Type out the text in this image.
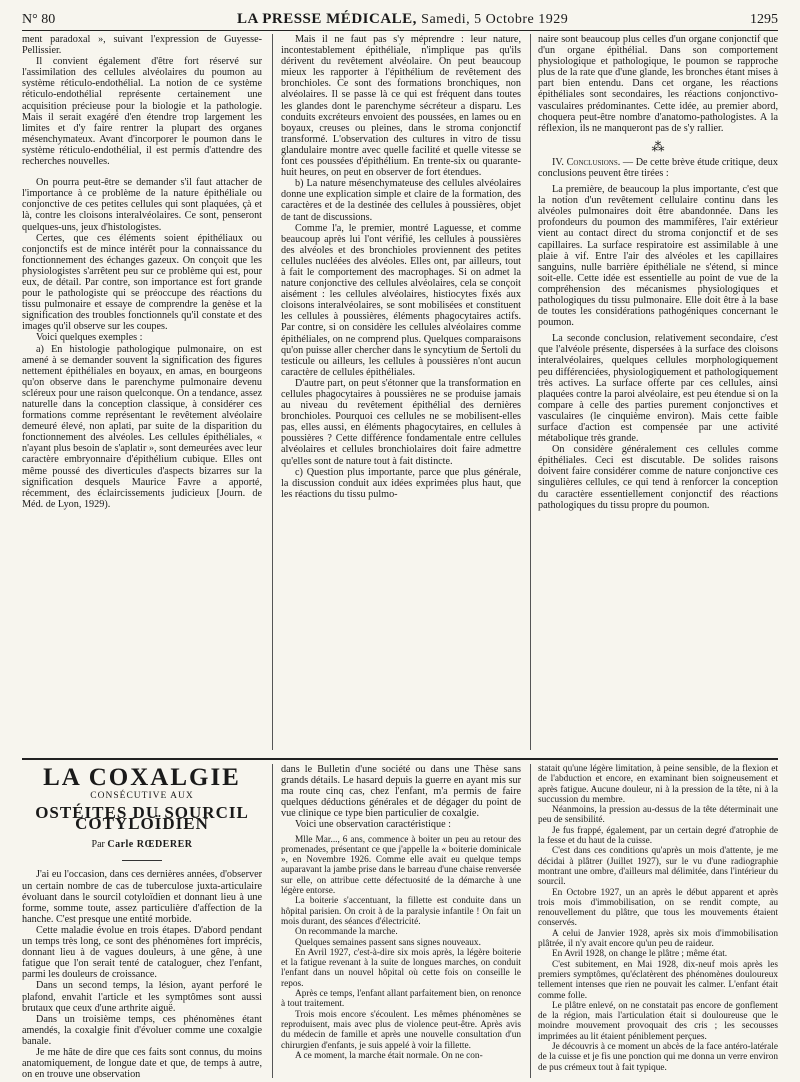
N° 80	LA PRESSE MÉDICALE, Samedi, 5 Octobre 1929	1295

ment paradoxal », suivant l'expression de Guyesse-Pellissier.

Il convient également d'être fort réservé sur l'assimilation des cellules alvéolaires du poumon au système réticulo-endothélial. La notion de ce système réticulo-endothélial représente certainement une acquisition précieuse pour la biologie et la pathologie. Mais il serait exagéré d'en étendre trop largement les limites et d'y faire rentrer la plupart des organes mésenchymateux. Avant d'incorporer le poumon dans le système réticulo-endothélial, il est permis d'attendre des recherches nouvelles.

On pourra peut-être se demander s'il faut attacher de l'importance à ce problème de la nature épithéliale ou conjonctive de ces petites cellules qui sont plaquées, çà et là, contre les cloisons interalvéolaires. Ce sont, penseront quelques-uns, jeux d'histologistes.

Certes, que ces éléments soient épithéliaux ou conjonctifs est de mince intérêt pour la connaissance du fonctionnement des échanges gazeux. On conçoit que les physiologistes s'arrêtent peu sur ce problème qui est, pour eux, de détail. Par contre, son importance est fort grande pour le pathologiste qui se préoccupe des réactions du tissu pulmonaire et essaye de comprendre la genèse et la signification des troubles fonctionnels qu'il constate et des images qu'il observe sur les coupes.

Voici quelques exemples :

a) En histologie pathologique pulmonaire, on est amené à se demander souvent la signification des figures nettement épithéliales en boyaux, en amas, en bourgeons qu'on observe dans le parenchyme pulmonaire devenu scléreux pour une raison quelconque. On a tendance, assez naturelle dans la conception classique, à considérer ces formations comme représentant le revêtement alvéolaire demeuré élevé, non aplati, par suite de la disparition du fonctionnement des alvéoles. Les cellules épithéliales, « n'ayant plus besoin de s'aplatir », sont demeurées avec leur caractère embryonnaire d'épithélium cubique. Elles ont même poussé des diverticules d'aspects bizarres sur la signification desquels Maurice Favre a apporté, récemment, des éclaircissements judicieux [Journ. de Méd. de Lyon, 1929).

Mais il ne faut pas s'y méprendre : leur nature, incontestablement épithéliale, n'implique pas qu'ils dérivent du revêtement alvéolaire. On peut beaucoup mieux les rapporter à l'épithélium de revêtement des bronchioles. Ce sont des formations bronchiques, non alvéolaires. Il se passe là ce qui est fréquent dans toutes les glandes dont le parenchyme sécréteur a disparu. Les conduits excréteurs envoient des poussées, en lames ou en boyaux, creuses ou pleines, dans le stroma conjonctif transformé. L'observation des cultures in vitro de tissu glandulaire montre avec quelle facilité et quelle vitesse se font ces poussées d'épithélium. En trente-six ou quarante-huit heures, on peut en observer de fort étendues.

b) La nature mésenchymateuse des cellules alvéolaires donne une explication simple et claire de la formation, des caractères et de la destinée des cellules à poussières, objet de tant de discussions.

Comme l'a, le premier, montré Laguesse, et comme beaucoup après lui l'ont vérifié, les cellules à poussières des alvéoles et des bronchioles proviennent des petites cellules nucléées des alvéoles. Elles ont, par ailleurs, tout à fait le comportement des macrophages. Si on admet la nature conjonctive des cellules alvéolaires, cela se conçoit aisément : les cellules alvéolaires, histiocytes fixés aux cloisons interalvéolaires, se sont mobilisées et constituent les cellules à poussières, éléments phagocytaires actifs. Par contre, si on considère les cellules alvéolaires comme épithéliales, on ne comprend plus. Quelques comparaisons qu'on puisse aller chercher dans le syncytium de Sertoli du testicule ou ailleurs, les cellules à poussières n'ont aucun caractère de cellules épithéliales.

D'autre part, on peut s'étonner que la transformation en cellules phagocytaires à poussières ne se produise jamais au niveau du revêtement épithélial des dernières bronchioles. Pourquoi ces cellules ne se mobilisent-elles pas, elles aussi, en éléments phagocytaires, en cellules à poussières ? Cette différence fondamentale entre cellules alvéolaires et cellules bronchiolaires doit faire admettre qu'elles sont de nature tout à fait distincte.

c) Question plus importante, parce que plus générale, la discussion conduit aux idées exprimées plus haut, que les réactions du tissu pulmo-

naire sont beaucoup plus celles d'un organe conjonctif que d'un organe épithélial. Dans son comportement physiologique et pathologique, le poumon se rapproche plus de la rate que d'une glande, les bronches étant mises à part bien entendu. Dans cet organe, les réactions épithéliales sont secondaires, les réactions conjonctivo-vasculaires prédominantes. Cette idée, au premier abord, choquera peut-être nombre d'anatomo-pathologistes. A la réflexion, ils ne manqueront pas de s'y rallier.

⁂

IV. Conclusions. — De cette brève étude critique, deux conclusions peuvent être tirées :

La première, de beaucoup la plus importante, c'est que la notion d'un revêtement cellulaire continu dans les alvéoles pulmonaires doit être abandonnée. Dans les profondeurs du poumon des mammifères, l'air extérieur vient au contact direct du stroma conjonctif et de ses capillaires. La surface respiratoire est assimilable à une plaie à vif. Entre l'air des alvéoles et les capillaires sanguins, nulle barrière épithéliale ne s'étend, si mince soit-elle. Cette idée est essentielle au point de vue de la compréhension des mécanismes physiologiques et pathologiques du tissu pulmonaire. Elle doit être à la base de toutes les considérations pathogéniques concernant le poumon.

La seconde conclusion, relativement secondaire, c'est que l'alvéole présente, dispersées à la surface des cloisons interalvéolaires, quelques cellules morphologiquement peu différenciées, physiologiquement et pathologiquement très actives. La surface offerte par ces cellules, ainsi plaquées contre la paroi alvéolaire, est peu étendue si on la compare à celle des parties purement conjonctives et vasculaires (le cinquième environ). Mais cette faible surface d'action est compensée par une activité métabolique très grande.

On considère généralement ces cellules comme épithéliales. Ceci est discutable. De solides raisons doivent faire considérer comme de nature conjonctive ces singulières cellules, ce qui tend à renforcer la conception du caractère essentiellement conjonctif des réactions pathologiques du tissu propre du poumon.

LA COXALGIE
CONSÉCUTIVE AUX
OSTÉITES DU SOURCIL COTYLOÏDIEN
Par Carle RŒDERER

J'ai eu l'occasion, dans ces dernières années, d'observer un certain nombre de cas de tuberculose juxta-articulaire évoluant dans le sourcil cotyloïdien et donnant lieu à une forme, somme toute, assez particulière d'affection de la hanche. C'est presque une entité morbide.

Cette maladie évolue en trois étapes. D'abord pendant un temps très long, ce sont des phénomènes fort imprécis, donnant lieu à de vagues douleurs, à une gêne, à une fatigue que l'on serait tenté de cataloguer, chez l'enfant, parmi les douleurs de croissance.

Dans un second temps, la lésion, ayant perforé le plafond, envahit l'article et les symptômes sont aussi brutaux que ceux d'une arthrite aiguë.

Dans un troisième temps, ces phénomènes étant amendés, la coxalgie finit d'évoluer comme une coxalgie banale.

Je me hâte de dire que ces faits sont connus, du moins anatomiquement, de longue date et que, de temps à autre, on en trouve une observation

dans le Bulletin d'une société ou dans une Thèse sans grands détails. Le hasard depuis la guerre en ayant mis sur ma route cinq cas, chez l'enfant, m'a permis de faire quelques déductions générales et de dégager du point de vue clinique ce type bien particulier de coxalgie.

Voici une observation caractéristique :

Mlle Mar..., 6 ans, commence à boiter un peu au retour des promenades, présentant ce que j'appelle la « boiterie dominicale », en Novembre 1926. Comme elle avait eu quelque temps auparavant la jambe prise dans le barreau d'une chaise renversée sur elle, on attribue cette défectuosité de la démarche à une légère entorse.

La boiterie s'accentuant, la fillette est conduite dans un hôpital parisien. On croit à de la paralysie infantile ! On fait un mois durant, des séances d'électricité.

On recommande la marche.

Quelques semaines passent sans signes nouveaux.

En Avril 1927, c'est-à-dire six mois après, la légère boiterie et la fatigue revenant à la suite de longues marches, on conduit l'enfant dans un nouvel hôpital où cette fois on conseille le repos.

Après ce temps, l'enfant allant parfaitement bien, on renonce à tout traitement.

Trois mois encore s'écoulent. Les mêmes phénomènes se reproduisent, mais avec plus de violence peut-être. Après avis du médecin de famille et après une nouvelle consultation d'un chirurgien d'enfants, je suis appelé à voir la fillette.

A ce moment, la marche était normale. On ne con-

statait qu'une légère limitation, à peine sensible, de la flexion et de l'abduction et encore, en examinant bien soigneusement et après fatigue. Aucune douleur, ni à la pression de la tête, ni à la succussion du membre.

Néanmoins, la pression au-dessus de la tête déterminait une peu de sensibilité.

Je fus frappé, également, par un certain degré d'atrophie de la fesse et du haut de la cuisse.

C'est dans ces conditions qu'après un mois d'attente, je me décidai à plâtrer (Juillet 1927), sur le vu d'une radiographie montrant une ombre, d'ailleurs mal délimitée, dans l'intérieur du sourcil.

En Octobre 1927, un an après le début apparent et après trois mois d'immobilisation, on se rendit compte, au renouvellement du plâtre, que tous les mouvements étaient conservés.

A celui de Janvier 1928, après six mois d'immobilisation plâtrée, il n'y avait encore qu'un peu de raideur.

En Avril 1928, on change le plâtre ; même état.

C'est subitement, en Mai 1928, dix-neuf mois après les premiers symptômes, qu'éclatèrent des phénomènes douloureux tellement intenses que rien ne pouvait les calmer. L'enfant était comme folle.

Le plâtre enlevé, on ne constatait pas encore de gonflement de la région, mais l'articulation était si douloureuse que le moindre mouvement provoquait des cris ; les secousses imprimées au lit étaient péniblement perçues.

Je découvris à ce moment un abcès de la face antéro-latérale de la cuisse et je fis une ponction qui me donna un verre environ de pus crémeux tout à fait typique.
